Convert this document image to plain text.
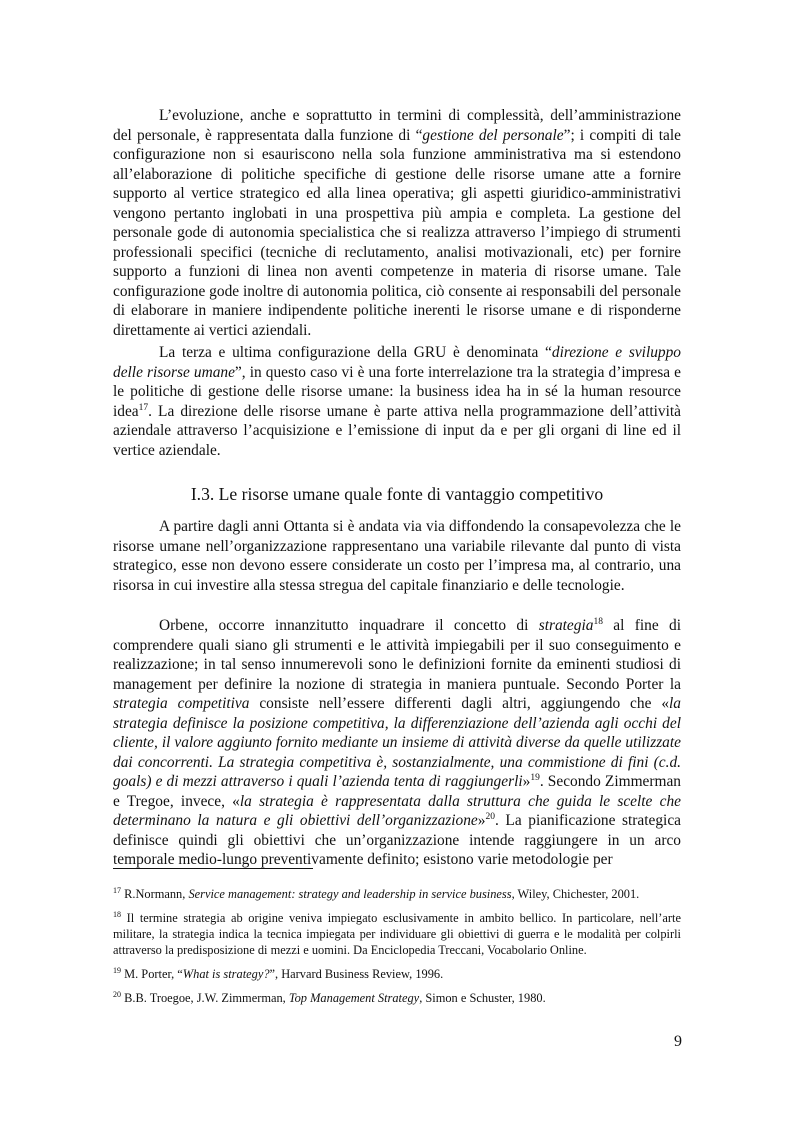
L’evoluzione, anche e soprattutto in termini di complessità, dell’amministrazione del personale, è rappresentata dalla funzione di “gestione del personale”; i compiti di tale configurazione non si esauriscono nella sola funzione amministrativa ma si estendono all’elaborazione di politiche specifiche di gestione delle risorse umane atte a fornire supporto al vertice strategico ed alla linea operativa; gli aspetti giuridico-amministrativi vengono pertanto inglobati in una prospettiva più ampia e completa. La gestione del personale gode di autonomia specialistica che si realizza attraverso l’impiego di strumenti professionali specifici (tecniche di reclutamento, analisi motivazionali, etc) per fornire supporto a funzioni di linea non aventi competenze in materia di risorse umane. Tale configurazione gode inoltre di autonomia politica, ciò consente ai responsabili del personale di elaborare in maniere indipendente politiche inerenti le risorse umane e di risponderne direttamente ai vertici aziendali.
La terza e ultima configurazione della GRU è denominata “direzione e sviluppo delle risorse umane”, in questo caso vi è una forte interrelazione tra la strategia d’impresa e le politiche di gestione delle risorse umane: la business idea ha in sé la human resource idea$^{17}$. La direzione delle risorse umane è parte attiva nella programmazione dell’attività aziendale attraverso l’acquisizione e l’emissione di input da e per gli organi di line ed il vertice aziendale.
I.3. Le risorse umane quale fonte di vantaggio competitivo
A partire dagli anni Ottanta si è andata via via diffondendo la consapevolezza che le risorse umane nell’organizzazione rappresentano una variabile rilevante dal punto di vista strategico, esse non devono essere considerate un costo per l’impresa ma, al contrario, una risorsa in cui investire alla stessa stregua del capitale finanziario e delle tecnologie.
Orbene, occorre innanzitutto inquadrare il concetto di strategia$^{18}$ al fine di comprendere quali siano gli strumenti e le attività impiegabili per il suo conseguimento e realizzazione; in tal senso innumerevoli sono le definizioni fornite da eminenti studiosi di management per definire la nozione di strategia in maniera puntuale. Secondo Porter la strategia competitiva consiste nell’essere differenti dagli altri, aggiungendo che «la strategia definisce la posizione competitiva, la differenziazione dell’azienda agli occhi del cliente, il valore aggiunto fornito mediante un insieme di attività diverse da quelle utilizzate dai concorrenti. La strategia competitiva è, sostanzialmente, una commistione di fini (c.d. goals) e di mezzi attraverso i quali l’azienda tenta di raggiungerli»$^{19}$. Secondo Zimmerman e Tregoe, invece, «la strategia è rappresentata dalla struttura che guida le scelte che determinano la natura e gli obiettivi dell’organizzazione»$^{20}$. La pianificazione strategica definisce quindi gli obiettivi che un’organizzazione intende raggiungere in un arco temporale medio-lungo preventivamente definito; esistono varie metodologie per

$^{17}$ R.Normann, Service management: strategy and leadership in service business, Wiley, Chichester, 2001.

$^{18}$ Il termine strategia ab origine veniva impiegato esclusivamente in ambito bellico. In particolare, nell’arte militare, la strategia indica la tecnica impiegata per individuare gli obiettivi di guerra e le modalità per colpirli attraverso la predisposizione di mezzi e uomini. Da Enciclopedia Treccani, Vocabolario Online.

$^{19}$ M. Porter, “What is strategy?”, Harvard Business Review, 1996.

$^{20}$ B.B. Troegoe, J.W. Zimmerman, Top Management Strategy, Simon e Schuster, 1980.

9
